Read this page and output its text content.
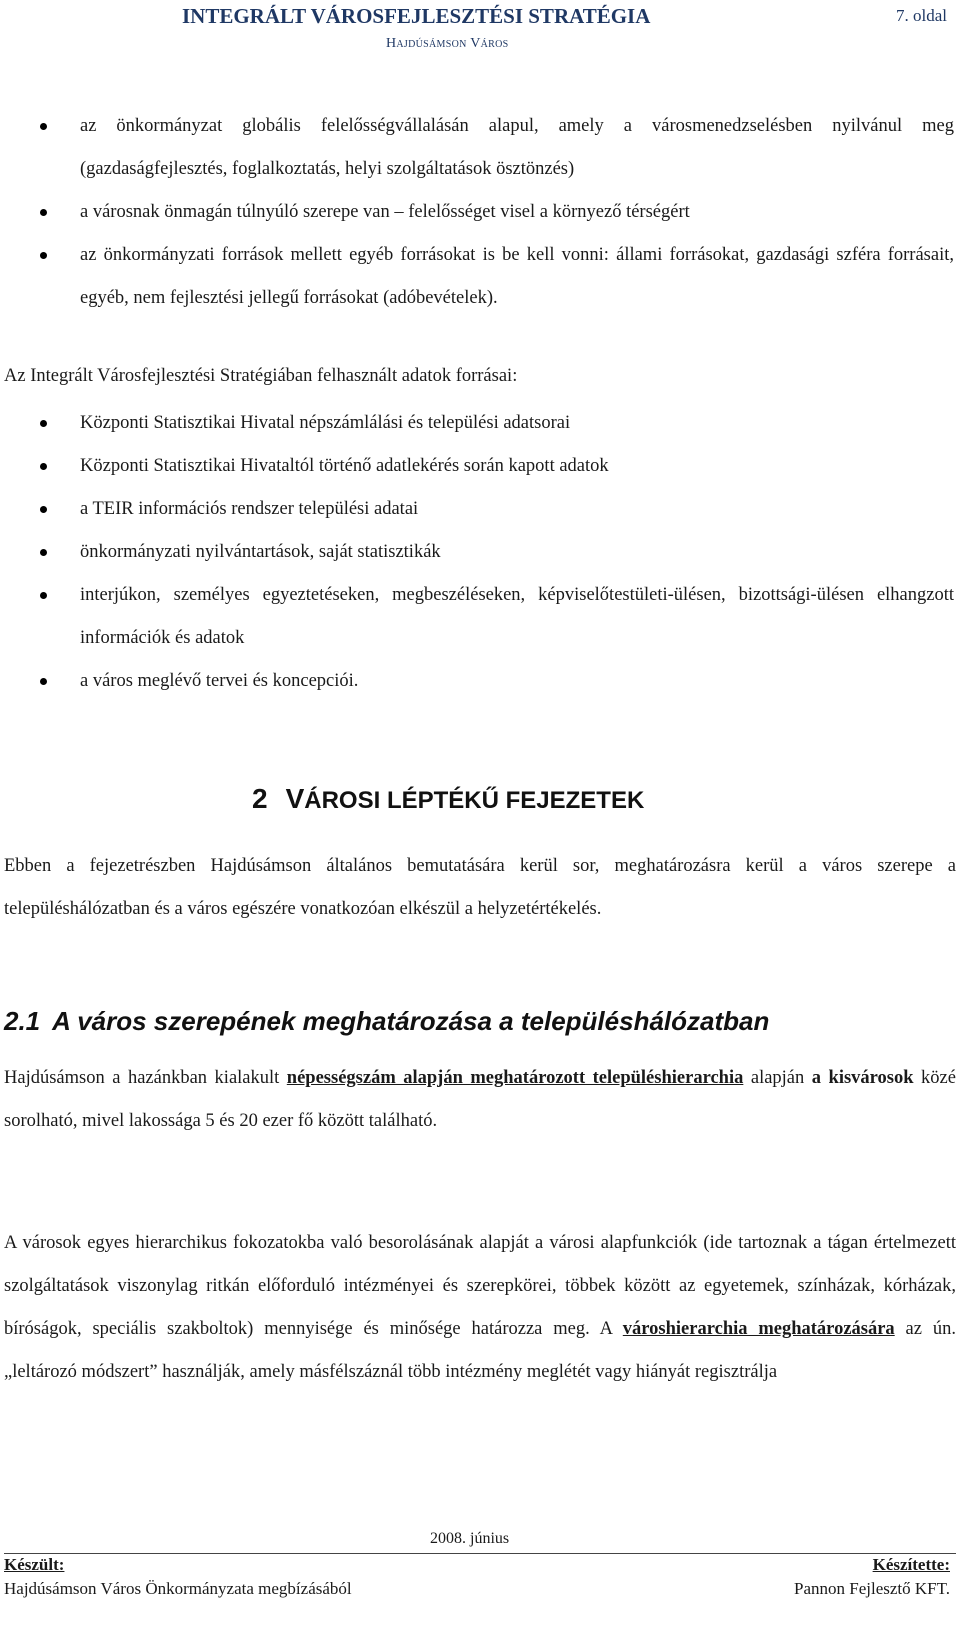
INTEGRÁLT VÁROSFEJLESZTÉSI STRATÉGIA	7. oldal
Hajdúsámson Város
az önkormányzat globális felelősségvállalásán alapul, amely a városmenedzselésben nyilvánul meg (gazdaságfejlesztés, foglalkoztatás, helyi szolgáltatások ösztönzés)
a városnak önmagán túlnyúló szerepe van – felelősséget visel a környező térségért
az önkormányzati források mellett egyéb forrásokat is be kell vonni: állami forrásokat, gazdasági szféra forrásait, egyéb, nem fejlesztési jellegű forrásokat (adóbevételek).
Az Integrált Városfejlesztési Stratégiában felhasznált adatok forrásai:
Központi Statisztikai Hivatal népszámlálási és települési adatsorai
Központi Statisztikai Hivataltól történő adatlekérés során kapott adatok
a TEIR információs rendszer települési adatai
önkormányzati nyilvántartások, saját statisztikák
interjúkon, személyes egyeztetéseken, megbeszéléseken, képviselőtestületi-ülésen, bizottsági-ülésen elhangzott információk és adatok
a város meglévő tervei és koncepciói.
2 VÁROSI LÉPTÉKŰ FEJEZETEK
Ebben a fejezetrészben Hajdúsámson általános bemutatására kerül sor, meghatározásra kerül a város szerepe a településhálózatban és a város egészére vonatkozóan elkészül a helyzetértékelés.
2.1 A város szerepének meghatározása a településhálózatban
Hajdúsámson a hazánkban kialakult népességszám alapján meghatározott településhierarchia alapján a kisvárosok közé sorolható, mivel lakossága 5 és 20 ezer fő között található.
A városok egyes hierarchikus fokozatokba való besorolásának alapját a városi alapfunkciók (ide tartoznak a tágan értelmezett szolgáltatások viszonylag ritkán előforduló intézményei és szerepkörei, többek között az egyetemek, színházak, kórházak, bíróságok, speciális szakboltok) mennyisége és minősége határozza meg. A városhierarchia meghatározására az ún. „leltározó módszert” használják, amely másfélszáznál több intézmény meglétét vagy hiányát regisztrálja
2008. június
Készült:
Hajdúsámson Város Önkormányzata megbízásából
Készítette:
Pannon Fejlesztő KFT.
